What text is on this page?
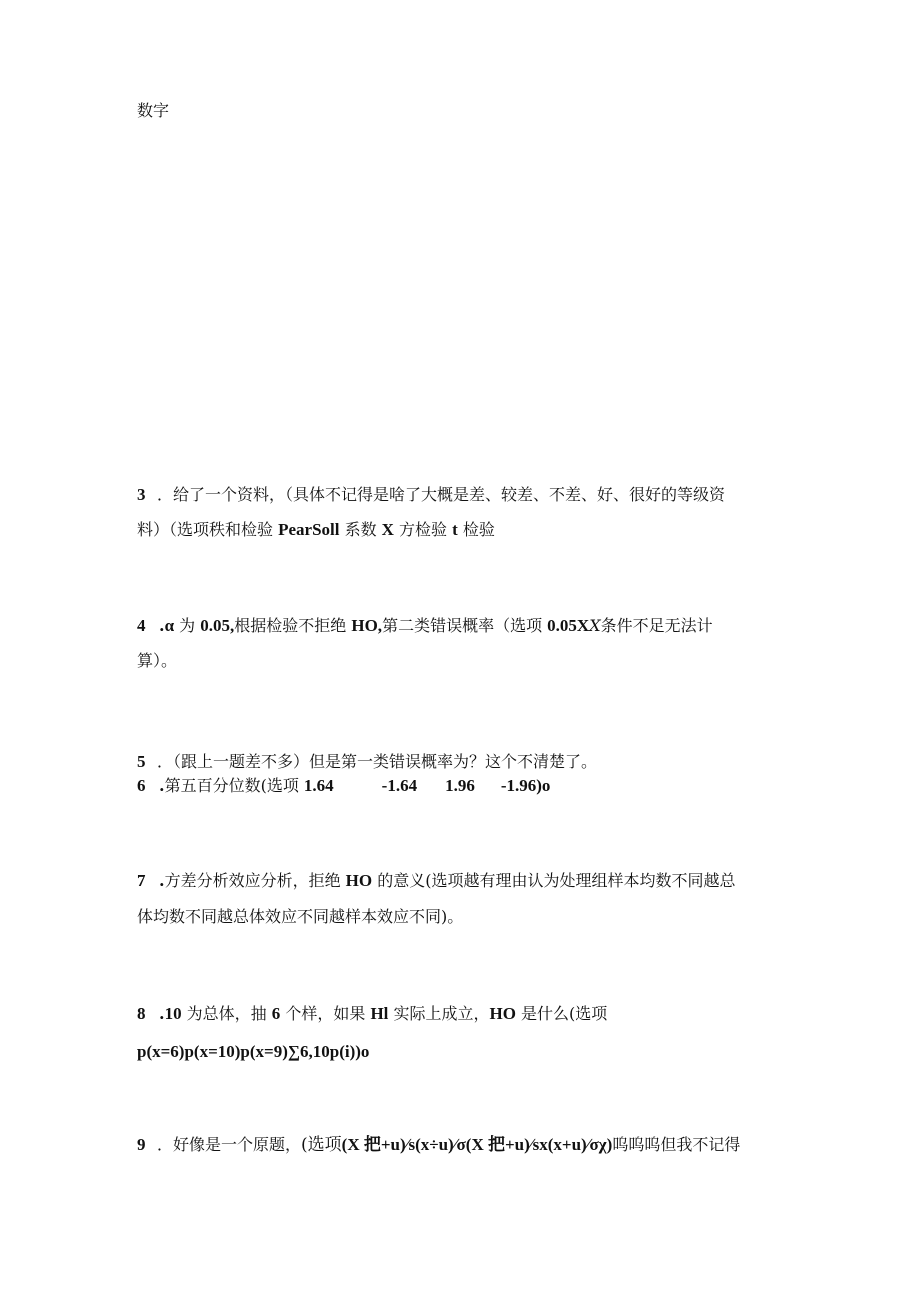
数字
3 ．给了一个资料，（具体不记得是啥了大概是差、较差、不差、好、很好的等级资
料）（选项秩和检验 PearSoll 系数 X 方检验 t 检验
4 .α 为 0.05,根据检验不拒绝 HO,第二类错误概率（选项 0.05XX条件不足无法计
算）。
5 ．（跟上一题差不多）但是第一类错误概率为？这个不清楚了。
6 .第五百分位数(选项 1.64	-1.64 1.96 -1.96)o
7 .方差分析效应分析，拒绝 HO 的意义(选项越有理由认为处理组样本均数不同越总
体均数不同越总体效应不同越样本效应不同)。
8 .10 为总体，抽 6 个样，如果 Hl 实际上成立，HO 是什么(选项
p(x=6)p(x=10)p(x=9)∑6,10p(i))o
9 ．好像是一个原题，(选项(X 把+u)∕s(x÷u)∕σ(X 把+u)∕sx(x+u)∕σχ)呜呜呜但我不记得
